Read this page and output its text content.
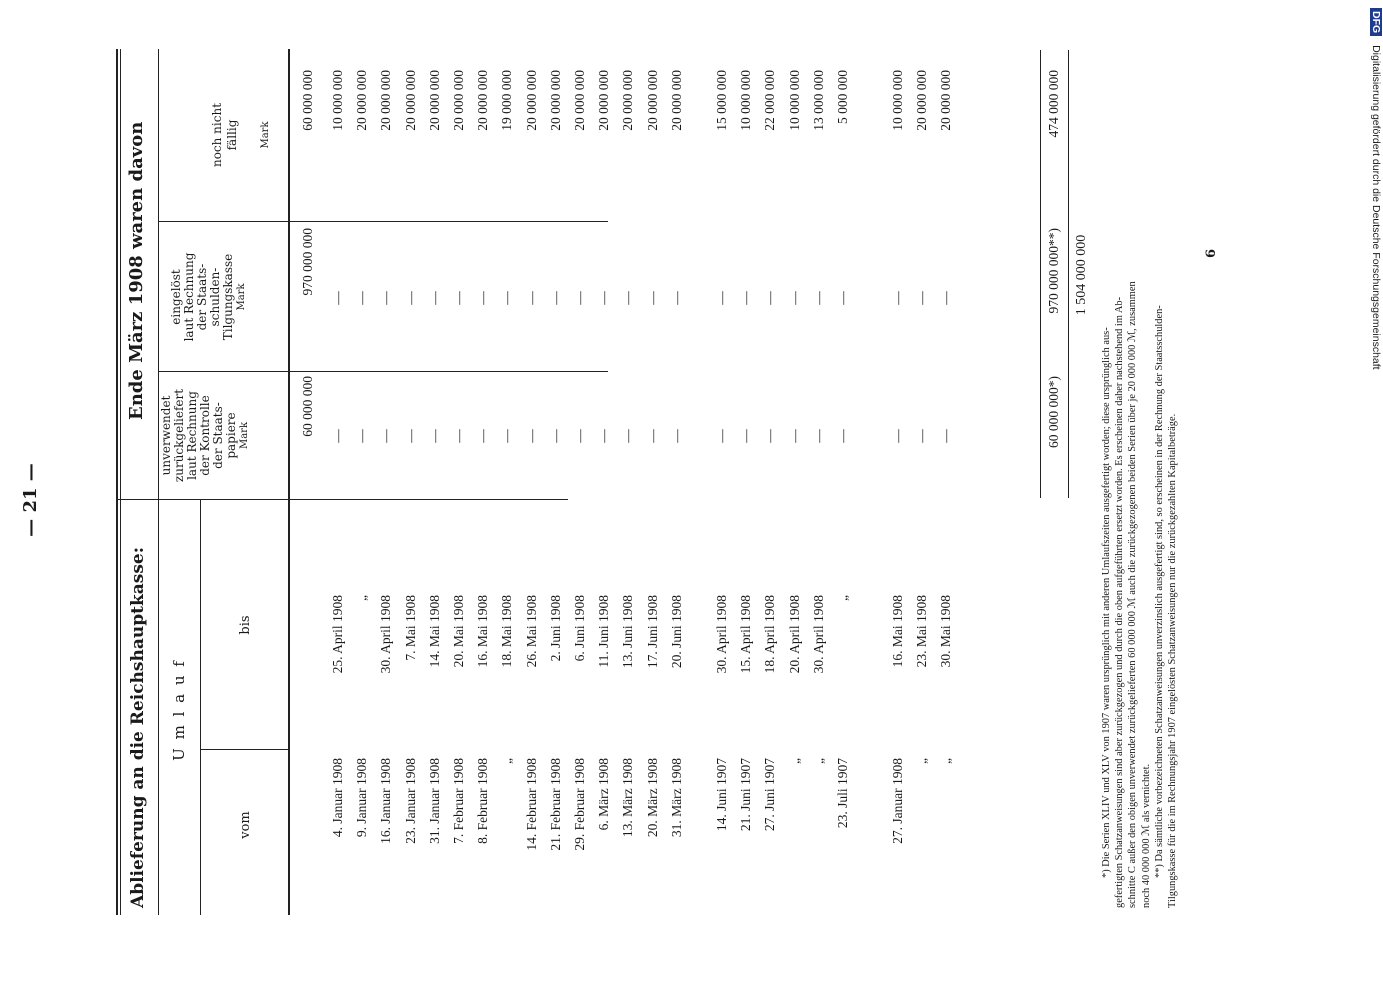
— 21 —
Ablieferung an die Reichshauptkasse:
Ende März 1908 waren davon
U m l a u f
vom
bis
unverwendet zurückgeliefert laut Rechnung der Kontrolle der Staats- papiere Mark
eingelöst laut Rechnung der Staats- schulden- Tilgungskasse Mark
noch nicht fällig Mark
60 000 000
970 000 000
60 000 000
4. Januar 1908
25. April 1908
—
—
10 000 000
9. Januar 1908
„
—
—
20 000 000
16. Januar 1908
30. April 1908
—
—
20 000 000
23. Januar 1908
7. Mai 1908
—
—
20 000 000
31. Januar 1908
14. Mai 1908
—
—
20 000 000
7. Februar 1908
20. Mai 1908
—
—
20 000 000
8. Februar 1908
16. Mai 1908
—
—
20 000 000
„
18. Mai 1908
—
—
19 000 000
14. Februar 1908
26. Mai 1908
—
—
20 000 000
21. Februar 1908
2. Juni 1908
—
—
20 000 000
29. Februar 1908
6. Juni 1908
—
—
20 000 000
6. März 1908
11. Juni 1908
—
—
20 000 000
13. März 1908
13. Juni 1908
—
—
20 000 000
20. März 1908
17. Juni 1908
—
—
20 000 000
31. März 1908
20. Juni 1908
—
—
20 000 000
14. Juni 1907
30. April 1908
—
—
15 000 000
21. Juni 1907
15. April 1908
—
—
10 000 000
27. Juni 1907
18. April 1908
—
—
22 000 000
„
20. April 1908
—
—
10 000 000
„
30. April 1908
—
—
13 000 000
23. Juli 1907
„
—
—
5 000 000
27. Januar 1908
16. Mai 1908
—
—
10 000 000
„
23. Mai 1908
—
—
20 000 000
„
30. Mai 1908
—
—
20 000 000
60 000 000*)
970 000 000**)
474 000 000
1 504 000 000
*) Die Serien XLIV und XLV von 1907 waren ursprünglich mit anderen Umlaufszeiten ausgefertigt worden; diese ursprünglich aus- gefertigten Schatzanweisungen sind aber zurückgezogen und durch die oben aufgeführten ersetzt worden. Es erscheinen daher nachstehend im Ab- schnitte C außer den obigen unverwendet zurückgelieferten 60 000 000 ℳ auch die zurückgezogenen beiden Serien über je 20 000 000 ℳ, zusammen noch 40 000 000 ℳ als vernichtet. **) Da sämtliche vorbezeichneten Schatzanweisungen unverzinslich ausgefertigt sind, so erscheinen in der Rechnung der Staatsschulden- Tilgungskasse für die im Rechnungsjahr 1907 eingelösten Schatzanweisungen nur die zurückgezahlten Kapitalbeträge.
6
DFG Digitalisierung gefördert durch die Deutsche Forschungsgemeinschaft
